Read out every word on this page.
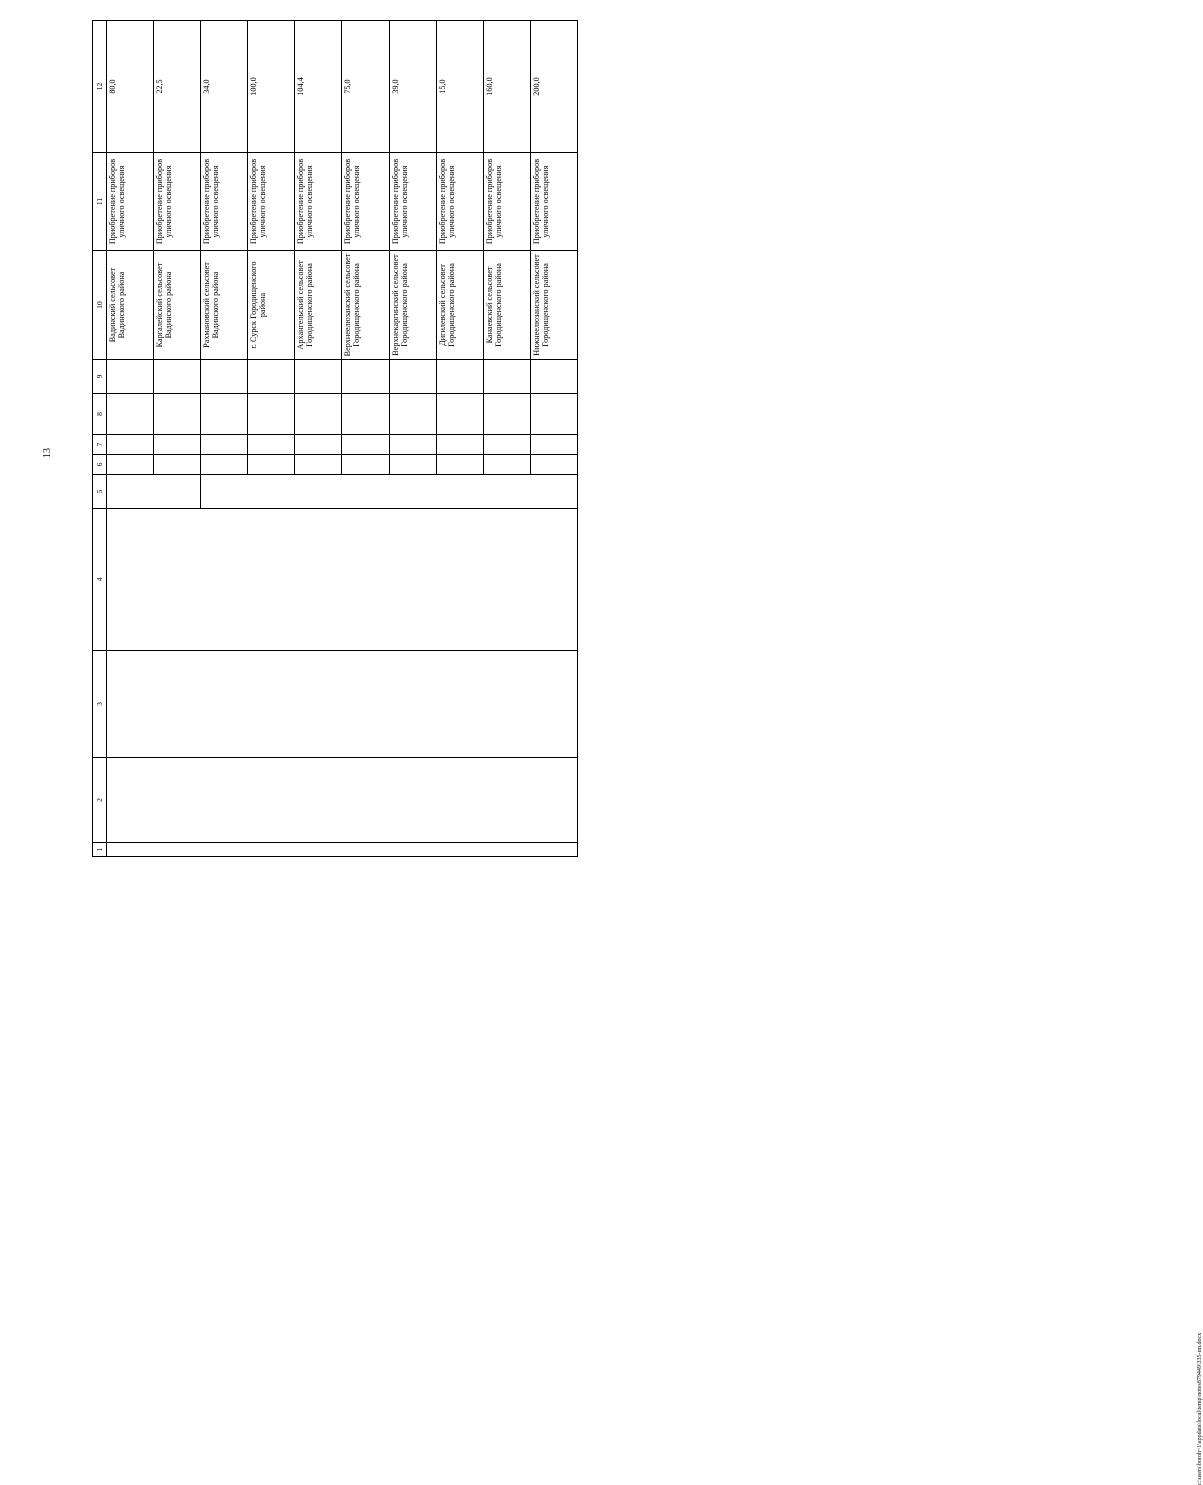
13
1	2	3	4	5	6	7	8	9	10	11	12
									Вадинский сельсовет Вадинского района	Приобретение приборов уличного освещения	80,0
									Каргалейский сельсовет Вадинского района	Приобретение приборов уличного освещения	22,5
									Рахмановский сельсовет Вадинского района	Приобретение приборов уличного освещения	34,0
									г. Сурск Городищенского района	Приобретение приборов уличного освещения	100,0
									Архангельский сельсовет Городищенского района	Приобретение приборов уличного освещения	104,4
									Верхнеелюзанский сельсовет Городищенского района	Приобретение приборов уличного освещения	75,0
									Верхнекаргинский сельсовет Городищенского района	Приобретение приборов уличного освещения	39,0
									Дигилевский сельсовет Городищенского района	Приобретение приборов уличного освещения	15,0
									Канаевский сельсовет Городищенского района	Приобретение приборов уличного освещения	160,0
									Нижнеелюзанский сельсовет Городищенского района	Приобретение приборов уличного освещения	200,0
c:\users\boroh~1\appdata\local\temp\notes879449\335-пп.docx
